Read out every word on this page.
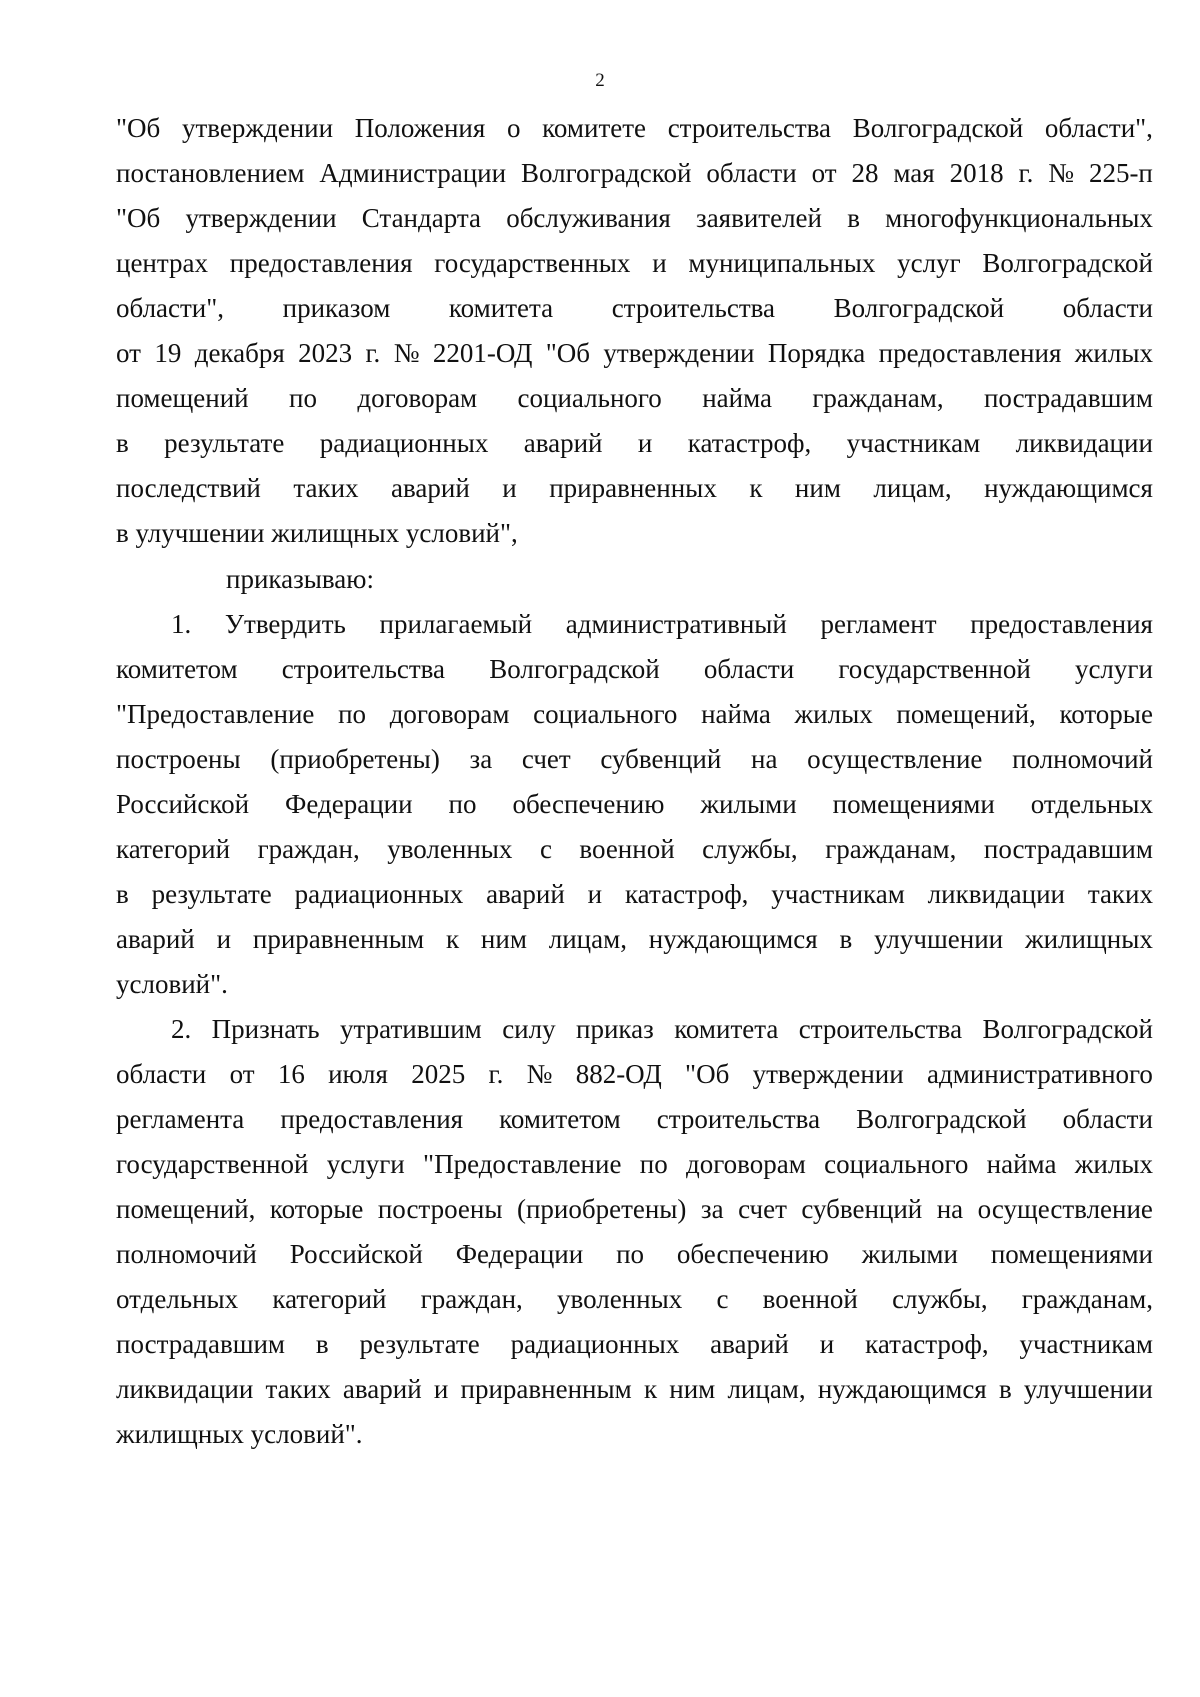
2
"Об утверждении Положения о комитете строительства Волгоградской области",
постановлением Администрации Волгоградской области от 28 мая 2018 г. № 225-п
"Об утверждении Стандарта обслуживания заявителей в многофункциональных
центрах предоставления государственных и муниципальных услуг Волгоградской
области", приказом комитета строительства Волгоградской области
от 19 декабря 2023 г. № 2201-ОД "Об утверждении Порядка предоставления жилых
помещений по договорам социального найма гражданам, пострадавшим
в результате радиационных аварий и катастроф, участникам ликвидации
последствий таких аварий и приравненных к ним лицам, нуждающимся
в улучшении жилищных условий",
приказываю:
1. Утвердить прилагаемый административный регламент предоставления
комитетом строительства Волгоградской области государственной услуги
"Предоставление по договорам социального найма жилых помещений, которые
построены (приобретены) за счет субвенций на осуществление полномочий
Российской Федерации по обеспечению жилыми помещениями отдельных
категорий граждан, уволенных с военной службы, гражданам, пострадавшим
в результате радиационных аварий и катастроф, участникам ликвидации таких
аварий и приравненным к ним лицам, нуждающимся в улучшении жилищных
условий".
2. Признать утратившим силу приказ комитета строительства Волгоградской
области от 16 июля 2025 г. № 882-ОД "Об утверждении административного
регламента предоставления комитетом строительства Волгоградской области
государственной услуги "Предоставление по договорам социального найма жилых
помещений, которые построены (приобретены) за счет субвенций на осуществление
полномочий Российской Федерации по обеспечению жилыми помещениями
отдельных категорий граждан, уволенных с военной службы, гражданам,
пострадавшим в результате радиационных аварий и катастроф, участникам
ликвидации таких аварий и приравненным к ним лицам, нуждающимся в улучшении
жилищных условий".
